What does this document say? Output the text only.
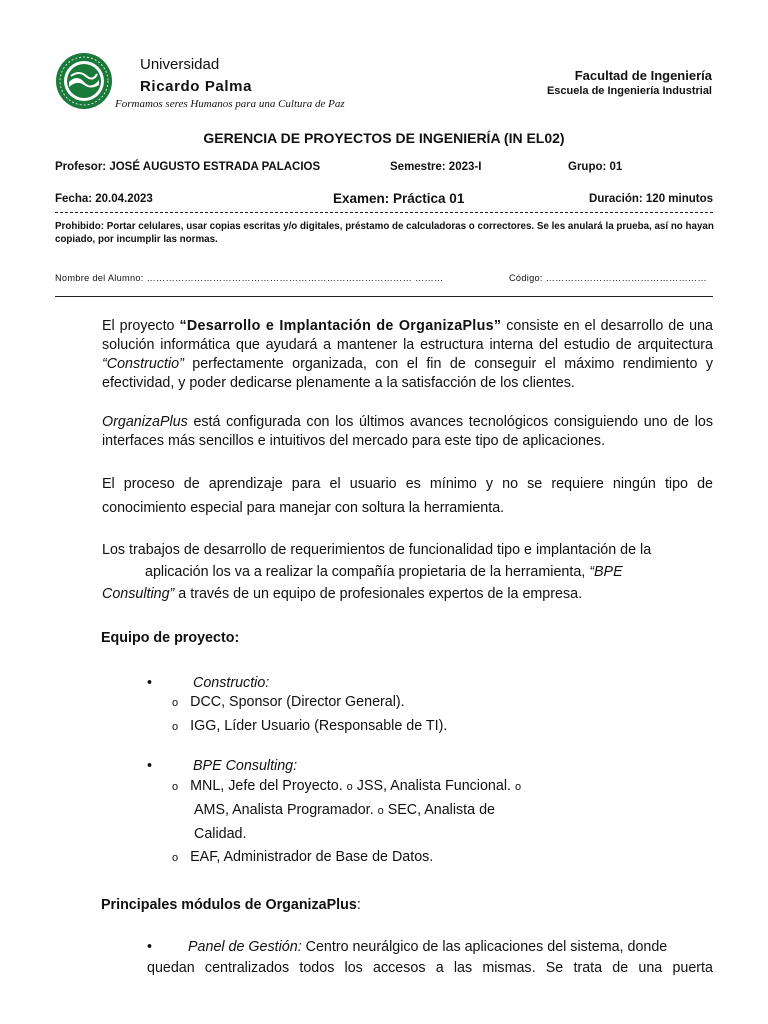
Universidad
Ricardo Palma
Formamos seres Humanos para una Cultura de Paz
Facultad de Ingeniería
Escuela de Ingeniería Industrial
GERENCIA DE PROYECTOS DE INGENIERÍA (IN EL02)
Profesor: JOSÉ AUGUSTO ESTRADA PALACIOS	Semestre: 2023-I	Grupo: 01
Fecha: 20.04.2023	Examen: Práctica 01	Duración: 120 minutos
Prohibido: Portar celulares, usar copias escritas y/o digitales, préstamo de calculadoras o correctores. Se les anulará la prueba, así no hayan copiado, por incumplir las normas.
Nombre del Alumno: ………………………………………………………………………… ………	Código: ……………………………………………
El proyecto “Desarrollo e Implantación de OrganizaPlus” consiste en el desarrollo de una solución informática que ayudará a mantener la estructura interna del estudio de arquitectura “Constructio” perfectamente organizada, con el fin de conseguir el máximo rendimiento y efectividad, y poder dedicarse plenamente a la satisfacción de los clientes.
OrganizaPlus está configurada con los últimos avances tecnológicos consiguiendo uno de los interfaces más sencillos e intuitivos del mercado para este tipo de aplicaciones.
El proceso de aprendizaje para el usuario es mínimo y no se requiere ningún tipo de conocimiento especial para manejar con soltura la herramienta.
Los trabajos de desarrollo de requerimientos de funcionalidad tipo e implantación de la
aplicación los va a realizar la compañía propietaria de la herramienta, “BPE
Consulting” a través de un equipo de profesionales expertos de la empresa.
Equipo de proyecto:
•	Constructio:
o DCC, Sponsor (Director General).
o IGG, Líder Usuario (Responsable de TI).
•	BPE Consulting:
o MNL, Jefe del Proyecto. o JSS, Analista Funcional. o
AMS, Analista Programador. o SEC, Analista de
Calidad.
o EAF, Administrador de Base de Datos.
Principales módulos de OrganizaPlus:
•	Panel de Gestión: Centro neurálgico de las aplicaciones del sistema, donde
quedan centralizados todos los accesos a las mismas. Se trata de una puerta
